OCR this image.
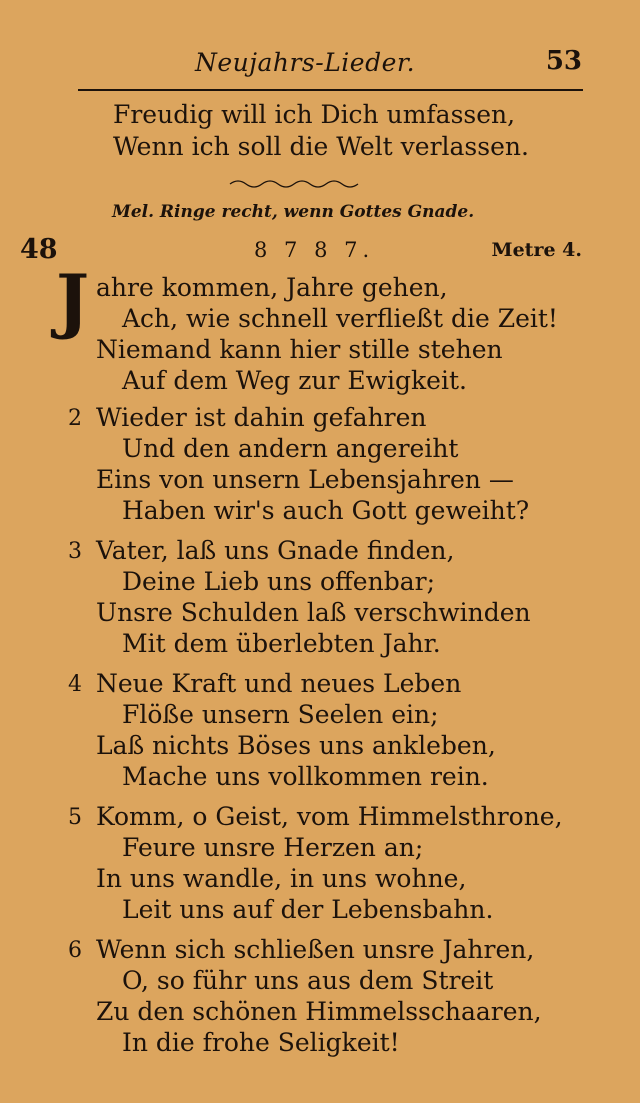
Neujahrs-Lieder.	53
Freudig will ich Dich umfassen,
Wenn ich soll die Welt verlassen.
Mel. Ringe recht, wenn Gottes Gnade.
48	8 7 8 7.	Metre 4.
J ahre kommen, Jahre gehen,
Ach, wie schnell verfließt die Zeit!
Niemand kann hier stille stehen
Auf dem Weg zur Ewigkeit.
2 Wieder ist dahin gefahren
Und den andern angereiht
Eins von unsern Lebensjahren —
Haben wir's auch Gott geweiht?
3 Vater, laß uns Gnade finden,
Deine Lieb uns offenbar;
Unsre Schulden laß verschwinden
Mit dem überlebten Jahr.
4 Neue Kraft und neues Leben
Flöße unsern Seelen ein;
Laß nichts Böses uns ankleben,
Mache uns vollkommen rein.
5 Komm, o Geist, vom Himmelsthrone,
Feure unsre Herzen an;
In uns wandle, in uns wohne,
Leit uns auf der Lebensbahn.
6 Wenn sich schließen unsre Jahren,
O, so führ uns aus dem Streit
Zu den schönen Himmelsschaaren,
In die frohe Seligkeit!
